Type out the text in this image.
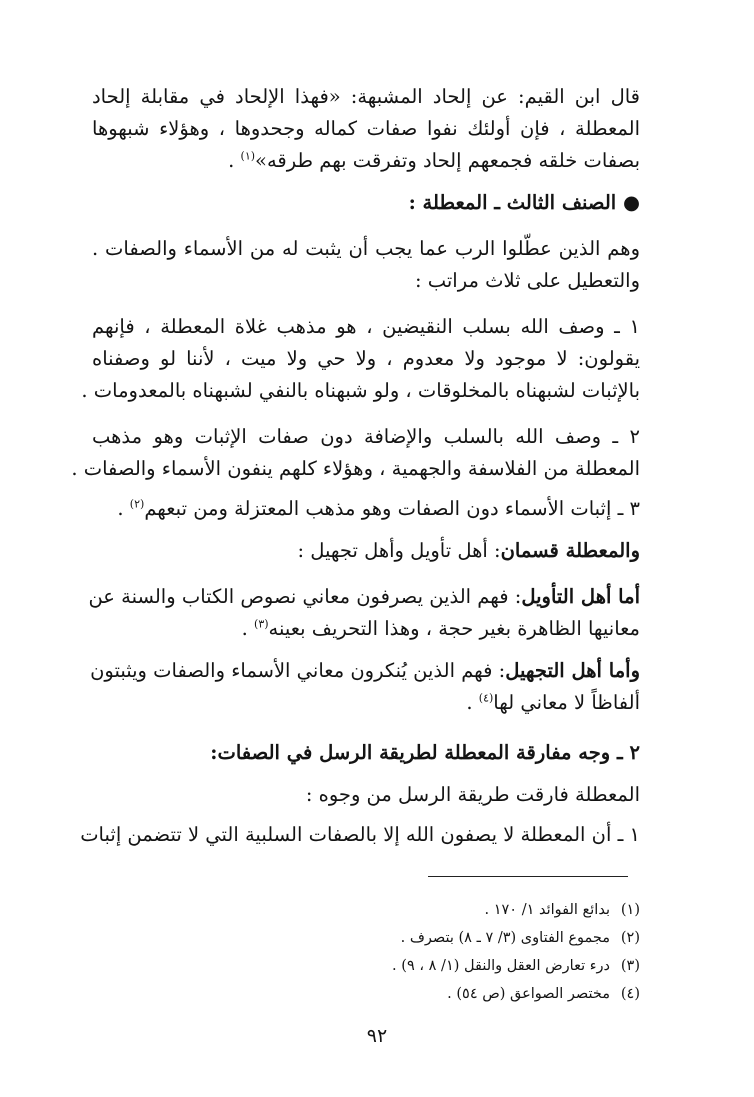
قال ابن القيم: عن إلحاد المشبهة: «فهذا الإلحاد في مقابلة إلحاد
المعطلة ، فإن أولئك نفوا صفات كماله وجحدوها ، وهؤلاء شبهوها
بصفات خلقه فجمعهم إلحاد وتفرقت بهم طرقه»$^{(١)}$ .
● الصنف الثالث ـ المعطلة :
وهم الذين عطّلوا الرب عما يجب أن يثبت له من الأسماء والصفات .
والتعطيل على ثلاث مراتب :
١ ـ وصف الله بسلب النقيضين ، هو مذهب غلاة المعطلة ، فإنهم
يقولون: لا موجود ولا معدوم ، ولا حي ولا ميت ، لأننا لو وصفناه
بالإثبات لشبهناه بالمخلوقات ، ولو شبهناه بالنفي لشبهناه بالمعدومات .
٢ ـ وصف الله بالسلب والإضافة دون صفات الإثبات وهو مذهب
المعطلة من الفلاسفة والجهمية ، وهؤلاء كلهم ينفون الأسماء والصفات .
٣ ـ إثبات الأسماء دون الصفات وهو مذهب المعتزلة ومن تبعهم$^{(٢)}$ .
والمعطلة قسمان: أهل تأويل وأهل تجهيل :
أما أهل التأويل: فهم الذين يصرفون معاني نصوص الكتاب والسنة عن
معانيها الظاهرة بغير حجة ، وهذا التحريف بعينه$^{(٣)}$ .
وأما أهل التجهيل: فهم الذين يُنكرون معاني الأسماء والصفات ويثبتون
ألفاظاً لا معاني لها$^{(٤)}$ .
٢ ـ وجه مفارقة المعطلة لطريقة الرسل في الصفات:
المعطلة فارقت طريقة الرسل من وجوه :
١ ـ أن المعطلة لا يصفون الله إلا بالصفات السلبية التي لا تتضمن إثبات
(١)بدائع الفوائد ١/ ١٧٠ .
(٢)مجموع الفتاوى (٣/ ٧ ـ ٨) بتصرف .
(٣)درء تعارض العقل والنقل (١/ ٨ ، ٩) .
(٤)مختصر الصواعق (ص ٥٤) .
٩٢
